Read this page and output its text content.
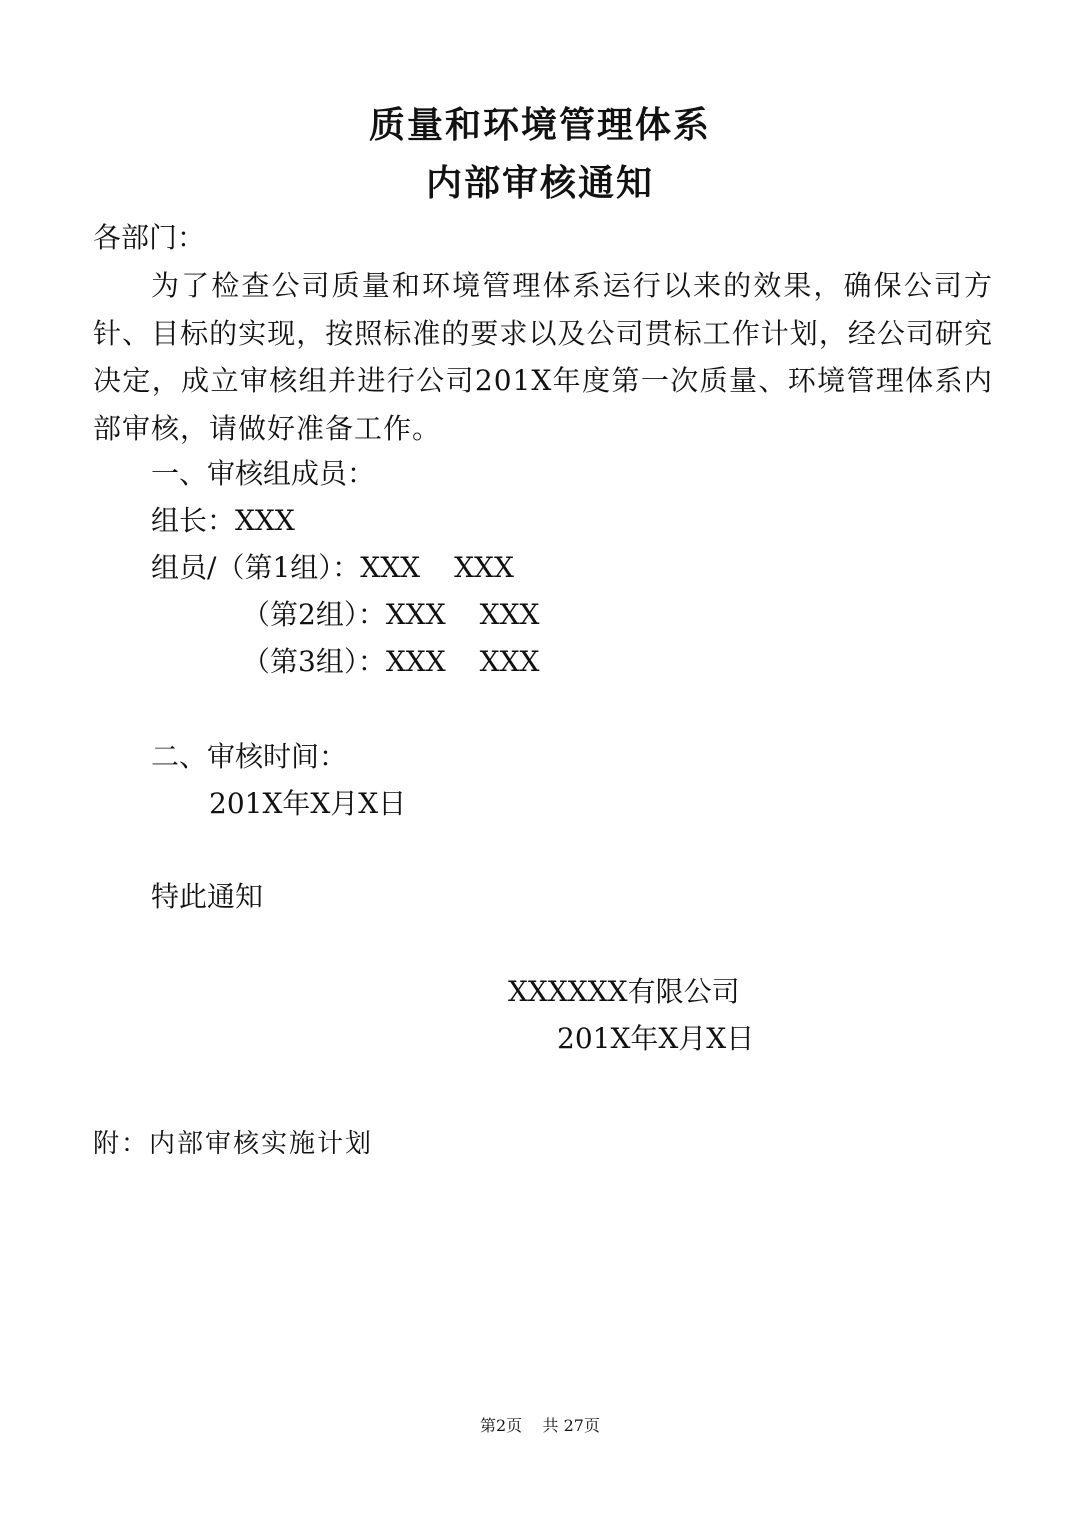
质量和环境管理体系
内部审核通知
各部门：
为了检查公司质量和环境管理体系运行以来的效果，确保公司方针、目标的实现，按照标准的要求以及公司贯标工作计划，经公司研究决定，成立审核组并进行公司201X年度第一次质量、环境管理体系内部审核，请做好准备工作。
一、审核组成员：
组长：XXX
组员/（第1组）：XXX XXX
（第2组）：XXX XXX
（第3组）：XXX XXX
二、审核时间：
201X年X月X日
特此通知
XXXXXX有限公司
201X年X月X日
附：内部审核实施计划
第2页    共 27页
